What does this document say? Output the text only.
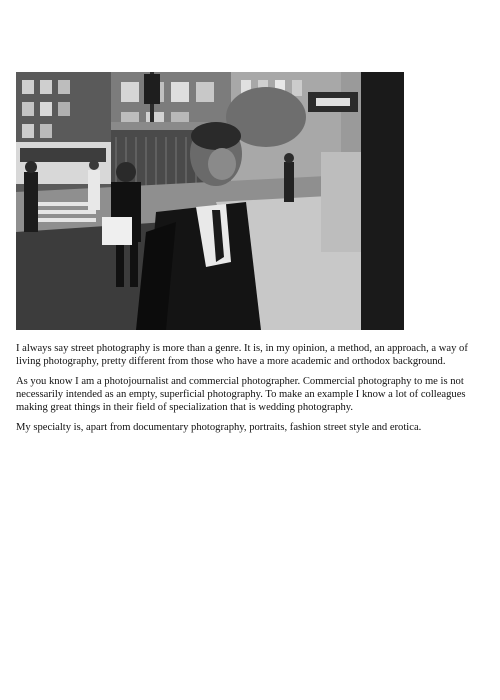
I always say street photography is more than a genre. It is, in my opinion, a method, an approach, a way of living photography, pretty different from those who have a more academic and orthodox background.

As you know I am a photojournalist and commercial photographer. Commercial photography to me is not necessarily intended as an empty, superficial photography. To make an example I know a lot of colleagues making great things in their field of specialization that is wedding photography.

My specialty is, apart from documentary photography, portraits, fashion street style and erotica.
